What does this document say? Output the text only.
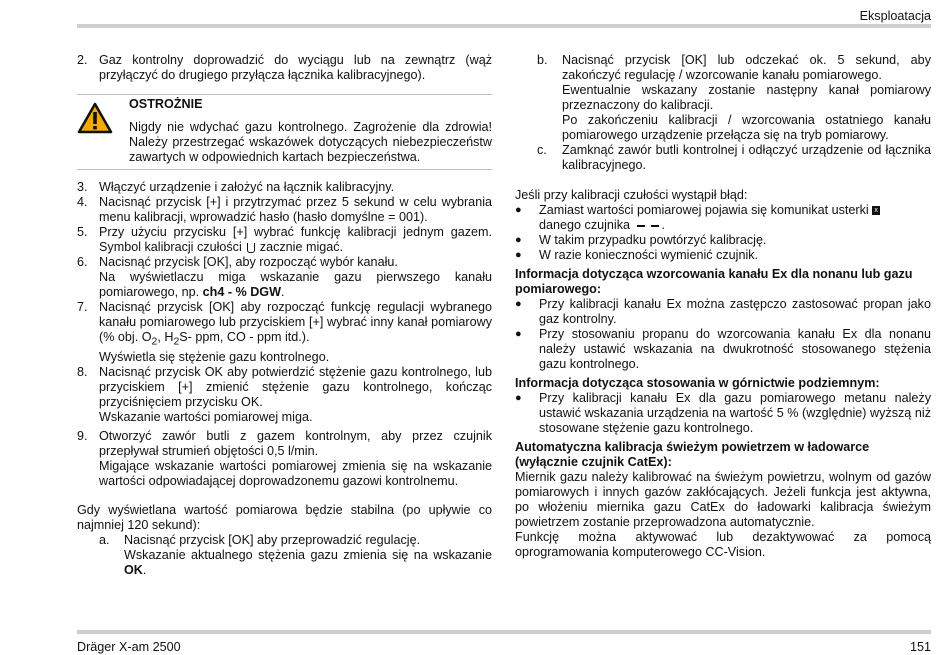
Eksploatacja
2. Gaz kontrolny doprowadzić do wyciągu lub na zewnątrz (wąż przyłączyć do drugiego przyłącza łącznika kalibracyjnego).
OSTROŻNIE
Nigdy nie wdychać gazu kontrolnego. Zagrożenie dla zdrowia! Należy przestrzegać wskazówek dotyczących niebezpieczeństw zawartych w odpowiednich kartach bezpieczeństwa.
3. Włączyć urządzenie i założyć na łącznik kalibracyjny.
4. Nacisnąć przycisk [+] i przytrzymać przez 5 sekund w celu wybrania menu kalibracji, wprowadzić hasło (hasło domyślne = 001).
5. Przy użyciu przycisku [+] wybrać funkcję kalibracji jednym gazem. Symbol kalibracji czułości zacznie migać.
6. Nacisnąć przycisk [OK], aby rozpocząć wybór kanału.
Na wyświetlaczu miga wskazanie gazu pierwszego kanału pomiarowego, np. ch4 - % DGW.
7. Nacisnąć przycisk [OK] aby rozpocząć funkcję regulacji wybranego kanału pomiarowego lub przyciskiem [+] wybrać inny kanał pomiarowy (% obj. $O_2$, $H_2S-$ ppm, CO - ppm itd.).
Wyświetla się stężenie gazu kontrolnego.
8. Nacisnąć przycisk OK aby potwierdzić stężenie gazu kontrolnego, lub przyciskiem [+] zmienić stężenie gazu kontrolnego, kończąc przyciśnięciem przycisku OK.
Wskazanie wartości pomiarowej miga.
9. Otworzyć zawór butli z gazem kontrolnym, aby przez czujnik przepływał strumień objętości 0,5 l/min.
Migające wskazanie wartości pomiarowej zmienia się na wskazanie wartości odpowiadającej doprowadzonemu gazowi kontrolnemu.
Gdy wyświetlana wartość pomiarowa będzie stabilna (po upływie co najmniej 120 sekund):
a.	Nacisnąć przycisk [OK] aby przeprowadzić regulację.
Wskazanie aktualnego stężenia gazu zmienia się na wskazanie OK.
b.	Nacisnąć przycisk [OK] lub odczekać ok. 5 sekund, aby zakończyć regulację / wzorcowanie kanału pomiarowego.
Ewentualnie wskazany zostanie następny kanał pomiarowy przeznaczony do kalibracji.
Po zakończeniu kalibracji / wzorcowania ostatniego kanału pomiarowego urządzenie przełącza się na tryb pomiarowy.
c.	Zamknąć zawór butli kontrolnej i odłączyć urządzenie od łącznika kalibracyjnego.
Jeśli przy kalibracji czułości wystąpił błąd:
●	Zamiast wartości pomiarowej pojawia się komunikat usterki x
danego czujnika	.
●	W takim przypadku powtórzyć kalibrację.
●	W razie konieczności wymienić czujnik.
Informacja dotycząca wzorcowania kanału Ex dla nonanu lub gazu pomiarowego:
●	Przy kalibracji kanału Ex można zastępczo zastosować propan jako gaz kontrolny.
●	Przy stosowaniu propanu do wzorcowania kanału Ex dla nonanu należy ustawić wskazania na dwukrotność stosowanego stężenia gazu kontrolnego.
Informacja dotycząca stosowania w górnictwie podziemnym:
●	Przy kalibracji kanału Ex dla gazu pomiarowego metanu należy ustawić wskazania urządzenia na wartość 5 % (względnie) wyższą niż stosowane stężenie gazu kontrolnego.
Automatyczna kalibracja świeżym powietrzem w ładowarce (wyłącznie czujnik CatEx):
Miernik gazu należy kalibrować na świeżym powietrzu, wolnym od gazów pomiarowych i innych gazów zakłócających. Jeżeli funkcja jest aktywna, po włożeniu miernika gazu CatEx do ładowarki kalibracja świeżym powietrzem zostanie przeprowadzona automatycznie.
Funkcję można aktywować lub dezaktywować za pomocą oprogramowania komputerowego CC-Vision.
Dräger X-am 2500	151
